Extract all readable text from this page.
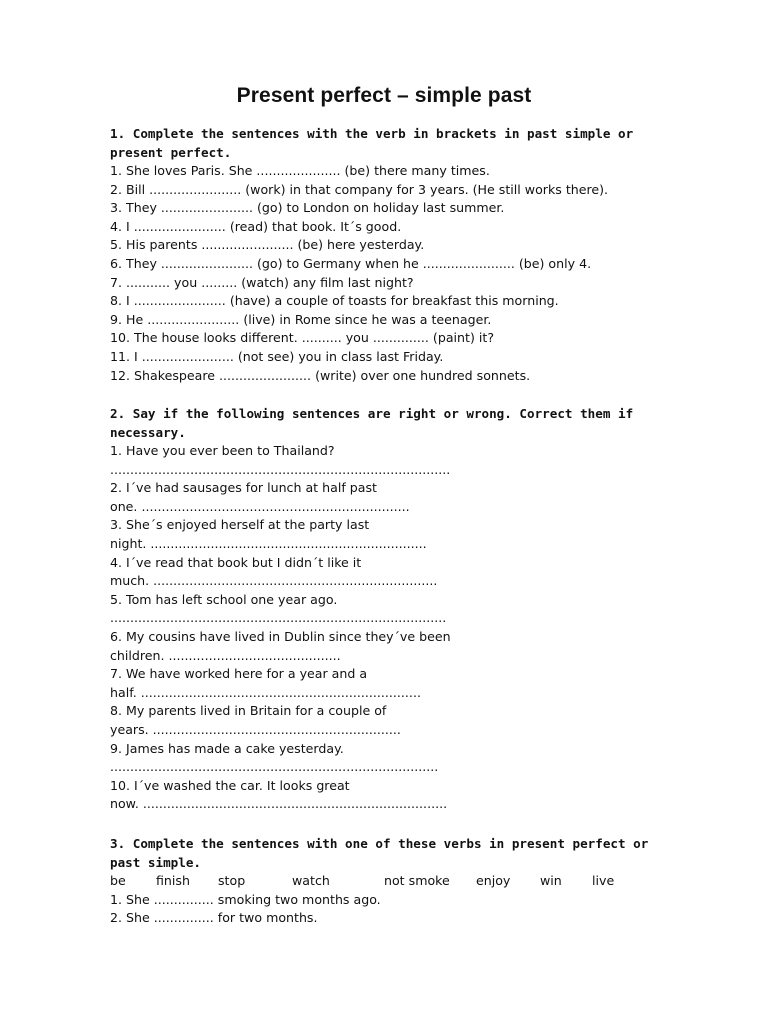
Present perfect – simple past

1. Complete the sentences with the verb in brackets in past simple or present perfect.

1. She loves Paris. She ..................... (be) there many times.

2. Bill ....................... (work) in that company for 3 years. (He still works there).

3. They ....................... (go) to London on holiday last summer.

4. I ....................... (read) that book. It´s good.

5. His parents ....................... (be) here yesterday.

6. They ....................... (go) to Germany when he ....................... (be) only 4.

7. ........... you ......... (watch) any film last night?

8. I ....................... (have) a couple of toasts for breakfast this morning.

9. He ....................... (live) in Rome since he was a teenager.

10. The house looks different. .......... you .............. (paint) it?

11. I ....................... (not see) you in class last Friday.

12. Shakespeare ....................... (write) over one hundred sonnets.

2. Say if the following sentences are right or wrong. Correct them if necessary.

1. Have you ever been to Thailand?

.....................................................................................

2. I´ve had sausages for lunch at half past

one. ...................................................................

3. She´s enjoyed herself at the party last

night. .....................................................................

4. I´ve read that book but I didn´t like it

much. .......................................................................

5. Tom has left school one year ago.

....................................................................................

6. My cousins have lived in Dublin since they´ve been

children. ...........................................

7. We have worked here for a year and a

half. ......................................................................

8. My parents lived in Britain for a couple of

years. ..............................................................

9. James has made a cake yesterday.

..................................................................................

10. I´ve washed the car. It looks great

now. ............................................................................

3. Complete the sentences with one of these verbs in present perfect or past simple.

be	finish	stop	watch	not smoke	enjoy	win	live

1. She ............... smoking two months ago.

2. She ............... for two months.
